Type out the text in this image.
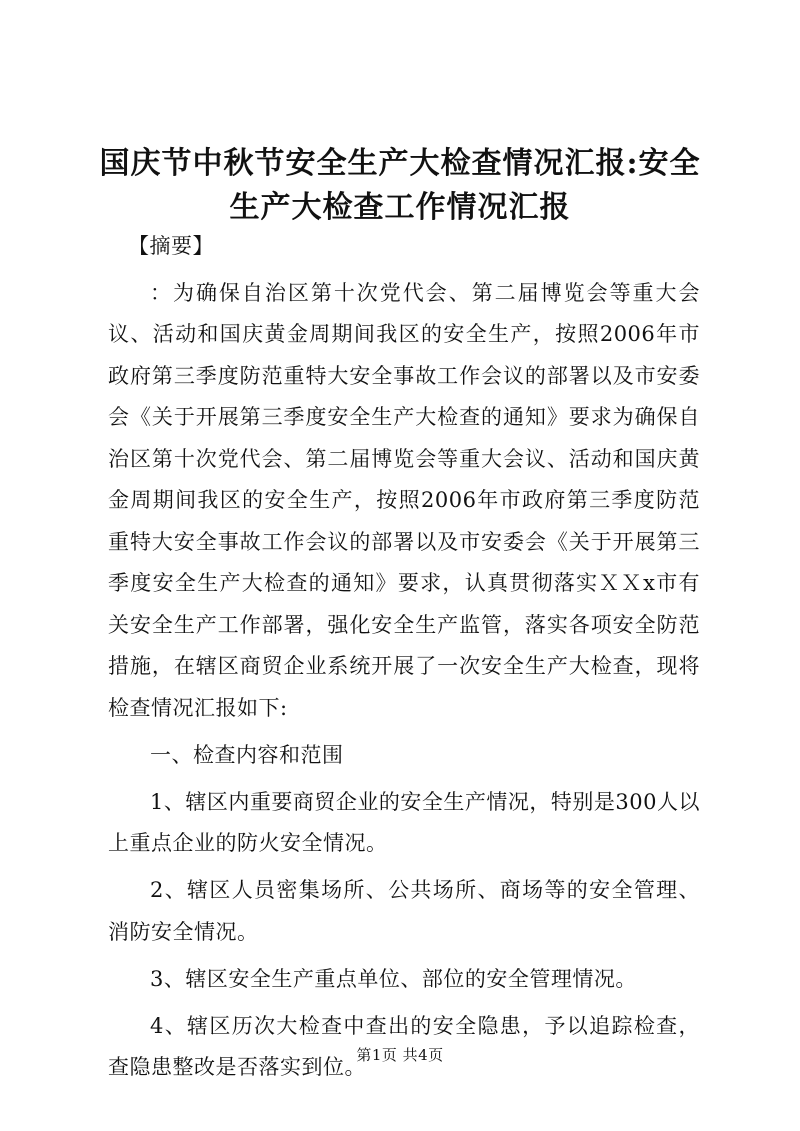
国庆节中秋节安全生产大检查情况汇报:安全
生产大检查工作情况汇报
【摘要】

：为确保自治区第十次党代会、第二届博览会等重大会议、活动和国庆黄金周期间我区的安全生产，按照2006年市政府第三季度防范重特大安全事故工作会议的部署以及市安委会《关于开展第三季度安全生产大检查的通知》要求为确保自治区第十次党代会、第二届博览会等重大会议、活动和国庆黄金周期间我区的安全生产，按照2006年市政府第三季度防范重特大安全事故工作会议的部署以及市安委会《关于开展第三季度安全生产大检查的通知》要求，认真贯彻落实ＸＸx市有关安全生产工作部署，强化安全生产监管，落实各项安全防范措施，在辖区商贸企业系统开展了一次安全生产大检查，现将检查情况汇报如下:

一、检查内容和范围

1、辖区内重要商贸企业的安全生产情况，特别是300人以上重点企业的防火安全情况。

2、辖区人员密集场所、公共场所、商场等的安全管理、消防安全情况。

3、辖区安全生产重点单位、部位的安全管理情况。

4、辖区历次大检查中查出的安全隐患，予以追踪检查，查隐患整改是否落实到位。

第1页 共4页
